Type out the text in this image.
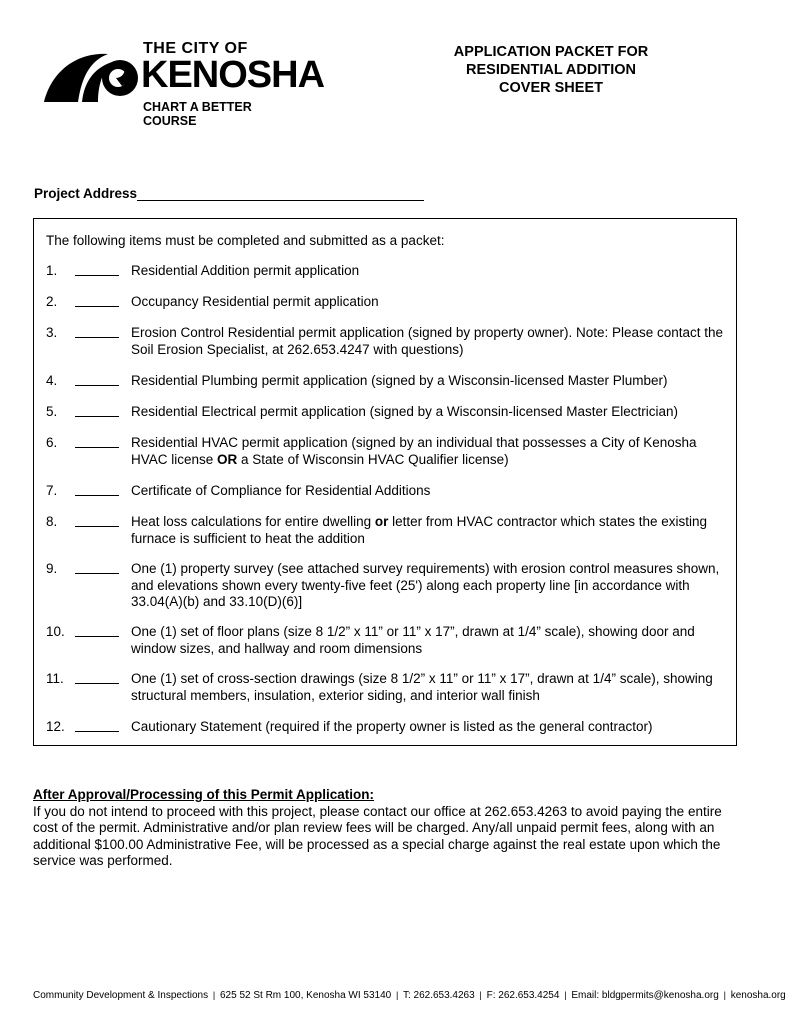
THE CITY OF
KENOSHA
CHART A BETTER COURSE
APPLICATION PACKET FOR
RESIDENTIAL ADDITION
COVER SHEET
Project Address
The following items must be completed and submitted as a packet:
1.	Residential Addition permit application
2.	Occupancy Residential permit application
3.	Erosion Control Residential permit application (signed by property owner). Note: Please contact the Soil Erosion Specialist, at 262.653.4247 with questions)
4.	Residential Plumbing permit application (signed by a Wisconsin-licensed Master Plumber)
5.	Residential Electrical permit application (signed by a Wisconsin-licensed Master Electrician)
6.	Residential HVAC permit application (signed by an individual that possesses a City of Kenosha HVAC license OR a State of Wisconsin HVAC Qualifier license)
7.	Certificate of Compliance for Residential Additions
8.	Heat loss calculations for entire dwelling or letter from HVAC contractor which states the existing furnace is sufficient to heat the addition
9.	One (1) property survey (see attached survey requirements) with erosion control measures shown, and elevations shown every twenty-five feet (25') along each property line [in accordance with 33.04(A)(b) and 33.10(D)(6)]
10.	One (1) set of floor plans (size 8 1/2” x 11” or 11” x 17”, drawn at 1/4” scale), showing door and window sizes, and hallway and room dimensions
11.	One (1) set of cross-section drawings (size 8 1/2” x 11” or 11” x 17”, drawn at 1/4” scale), showing structural members, insulation, exterior siding, and interior wall finish
12.	Cautionary Statement (required if the property owner is listed as the general contractor)
After Approval/Processing of this Permit Application:
If you do not intend to proceed with this project, please contact our office at 262.653.4263 to avoid paying the entire cost of the permit. Administrative and/or plan review fees will be charged. Any/all unpaid permit fees, along with an additional $100.00 Administrative Fee, will be processed as a special charge against the real estate upon which the service was performed.
Community Development & Inspections | 625 52 St Rm 100, Kenosha WI 53140 | T: 262.653.4263 | F: 262.653.4254 | Email: bldgpermits@kenosha.org | kenosha.org
